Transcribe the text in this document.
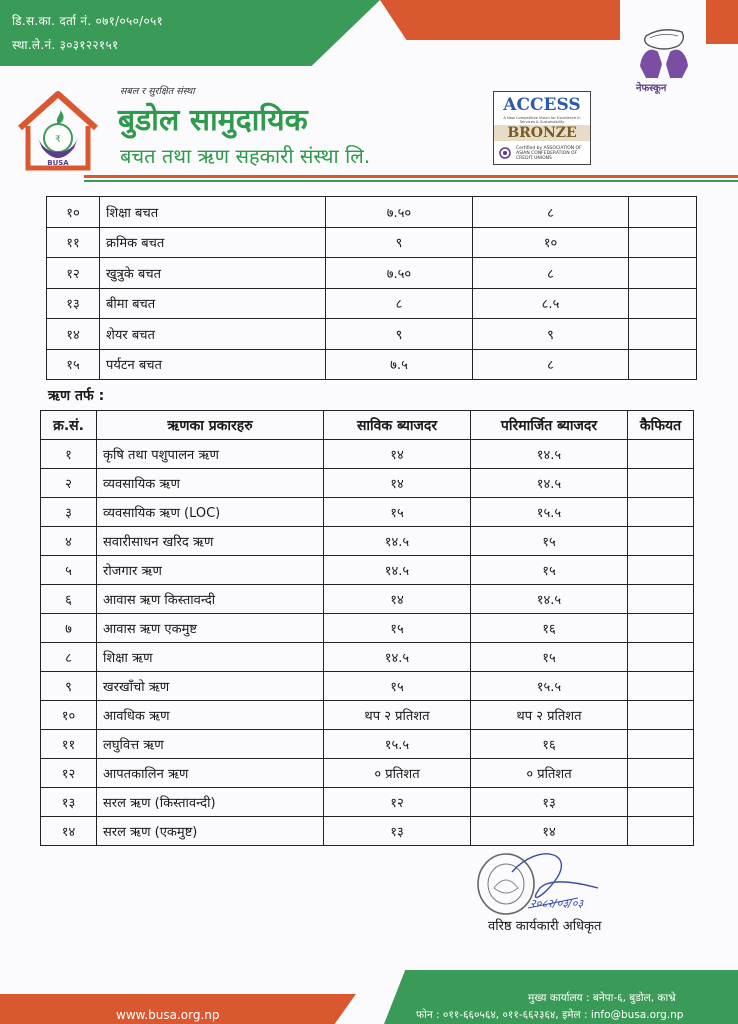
डि.स.का. दर्ता नं. ०७१/०५०/०५१
स्था.ले.नं. ३०३१२२१५१
नेफस्कून
₹
BUSA
सबल र सुरक्षित संस्था
बुडोल सामुदायिक
बचत तथा ऋण सहकारी संस्था लि.
ACCESS
A New Competitive Vision for Excellence in Services & Sustainability
BRONZE
Certified by ASSOCIATION OF ASIAN CONFEDERATION OF CREDIT UNIONS
१०	शिक्षा बचत	७.५०	८	
११	क्रमिक बचत	९	१०	
१२	खुत्रुके बचत	७.५०	८	
१३	बीमा बचत	८	८.५	
१४	शेयर बचत	९	९	
१५	पर्यटन बचत	७.५	८	
ऋण तर्फ :
क्र.सं.	ऋणका प्रकारहरु	साविक ब्याजदर	परिमार्जित ब्याजदर	कैफियत
१	कृषि तथा पशुपालन ऋण	१४	१४.५	
२	व्यवसायिक ऋण	१४	१४.५	
३	व्यवसायिक ऋण (LOC)	१५	१५.५	
४	सवारीसाधन खरिद ऋण	१४.५	१५	
५	रोजगार ऋण	१४.५	१५	
६	आवास ऋण किस्तावन्दी	१४	१४.५	
७	आवास ऋण एकमुष्ट	१५	१६	
८	शिक्षा ऋण	१४.५	१५	
९	खरखाँचो ऋण	१५	१५.५	
१०	आवधिक ऋण	थप २ प्रतिशत	थप २ प्रतिशत	
११	लघुवित्त ऋण	१५.५	१६	
१२	आपतकालिन ऋण	० प्रतिशत	० प्रतिशत	
१३	सरल ऋण (किस्तावन्दी)	१२	१३	
१४	सरल ऋण (एकमुष्ट)	१३	१४	
२०८२/०३/०३
वरिष्ठ कार्यकारी अधिकृत
www.busa.org.np
मुख्य कार्यालय : बनेपा-६, बुडोल, काभ्रे
फोन : ०११-६६०५६४, ०११-६६२३६४, इमेल : info@busa.org.np
